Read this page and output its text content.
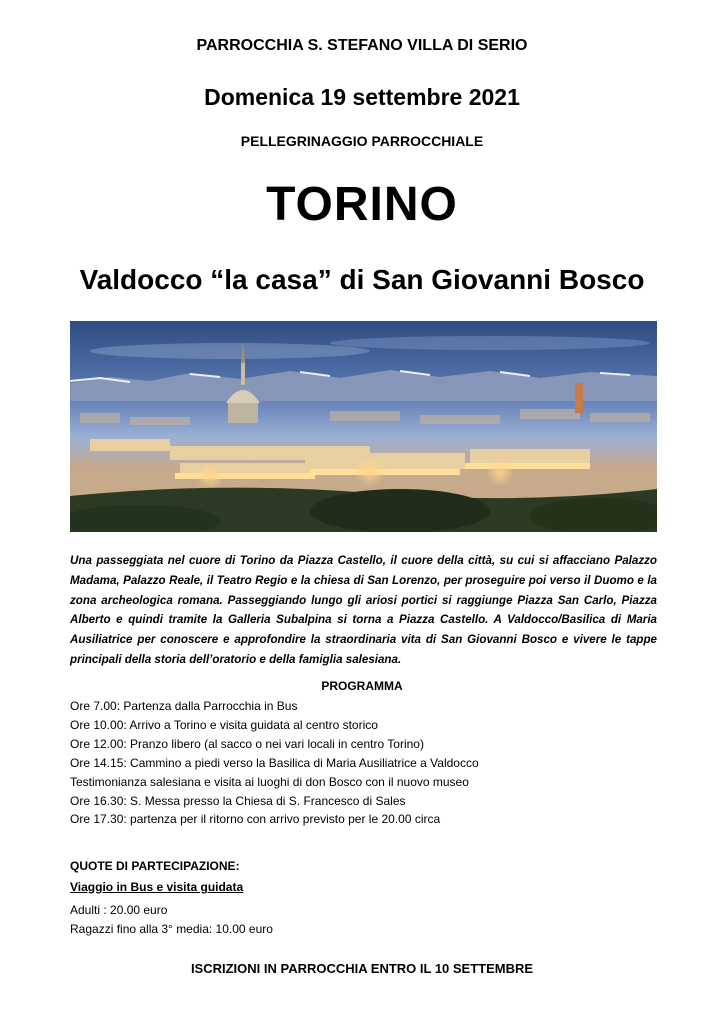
PARROCCHIA S. STEFANO VILLA DI SERIO
Domenica 19 settembre 2021
PELLEGRINAGGIO PARROCCHIALE
TORINO
Valdocco “la casa” di San Giovanni Bosco

Una passeggiata nel cuore di Torino da Piazza Castello, il cuore della città, su cui si affacciano Palazzo Madama, Palazzo Reale, il Teatro Regio e la chiesa di San Lorenzo, per proseguire poi verso il Duomo e la zona archeologica romana. Passeggiando lungo gli ariosi portici si raggiunge Piazza San Carlo, Piazza Alberto e quindi tramite la Galleria Subalpina si torna a Piazza Castello. A Valdocco/Basilica di Maria Ausiliatrice per conoscere e approfondire la straordinaria vita di San Giovanni Bosco e vivere le tappe principali della storia dell’oratorio e della famiglia salesiana.

PROGRAMMA
Ore 7.00: Partenza dalla Parrocchia in Bus
Ore 10.00: Arrivo a Torino e visita guidata al centro storico
Ore 12.00: Pranzo libero (al sacco o nei vari locali in centro Torino)
Ore 14.15: Cammino a piedi verso la Basilica di Maria Ausiliatrice a Valdocco
Testimonianza salesiana e visita ai luoghi di don Bosco con il nuovo museo
Ore 16.30: S. Messa presso la Chiesa di S. Francesco di Sales
Ore 17.30: partenza per il ritorno con arrivo previsto per le 20.00 circa
QUOTE DI PARTECIPAZIONE:
Viaggio in Bus e visita guidata
Adulti : 20.00 euro
Ragazzi fino alla 3° media: 10.00 euro
ISCRIZIONI IN PARROCCHIA ENTRO IL 10 SETTEMBRE
